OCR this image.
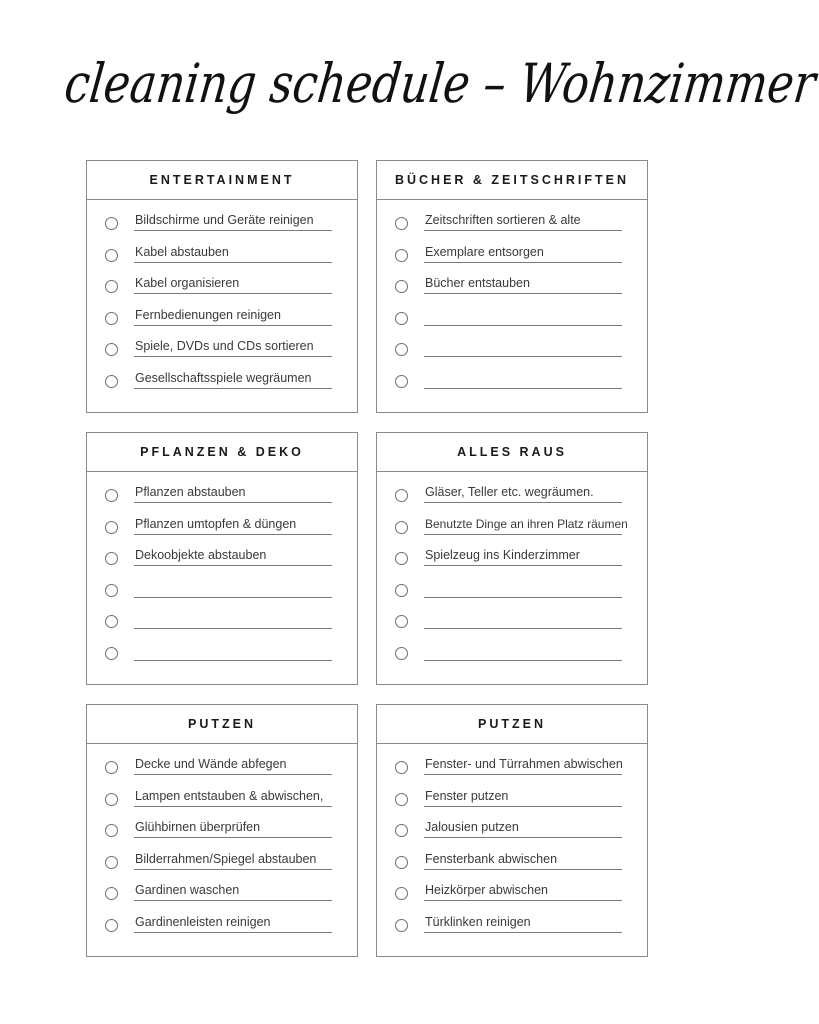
cleaning schedule – Wohnzimmer
ENTERTAINMENT
Bildschirme und Geräte reinigen
Kabel abstauben
Kabel organisieren
Fernbedienungen reinigen
Spiele, DVDs und CDs sortieren
Gesellschaftsspiele wegräumen
BÜCHER & ZEITSCHRIFTEN
Zeitschriften sortieren & alte
Exemplare entsorgen
Bücher entstauben
PFLANZEN & DEKO
Pflanzen abstauben
Pflanzen umtopfen & düngen
Dekoobjekte abstauben
ALLES RAUS
Gläser, Teller etc. wegräumen.
Benutzte Dinge an ihren Platz räumen
Spielzeug ins Kinderzimmer
PUTZEN
Decke und Wände abfegen
Lampen entstauben & abwischen,
Glühbirnen überprüfen
Bilderrahmen/Spiegel abstauben
Gardinen waschen
Gardinenleisten reinigen
PUTZEN
Fenster- und Türrahmen abwischen
Fenster putzen
Jalousien putzen
Fensterbank abwischen
Heizkörper abwischen
Türklinken reinigen
